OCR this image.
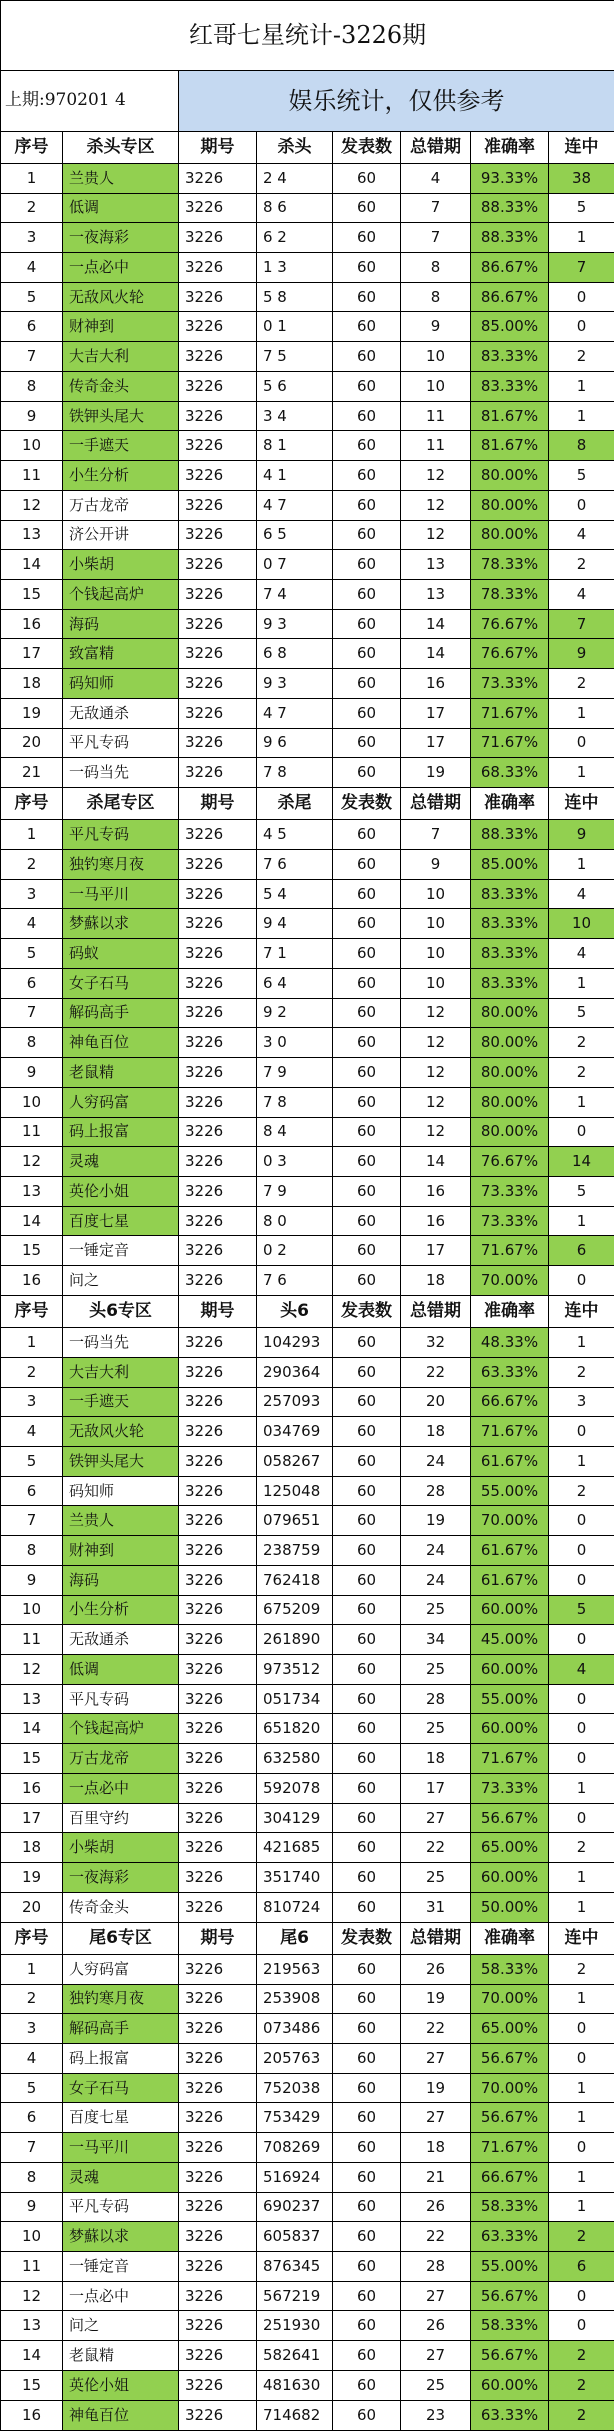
红哥七星统计-3226期							
上期:970201 4		娱乐统计，仅供参考					
序号	杀头专区	期号	杀头	发表数	总错期	准确率	连中
1	兰贵人	3226	2 4	60	4	93.33%	38
2	低调	3226	8 6	60	7	88.33%	5
3	一夜海彩	3226	6 2	60	7	88.33%	1
4	一点必中	3226	1 3	60	8	86.67%	7
5	无敌风火轮	3226	5 8	60	8	86.67%	0
6	财神到	3226	0 1	60	9	85.00%	0
7	大吉大利	3226	7 5	60	10	83.33%	2
8	传奇金头	3226	5 6	60	10	83.33%	1
9	铁钾头尾大	3226	3 4	60	11	81.67%	1
10	一手遮天	3226	8 1	60	11	81.67%	8
11	小生分析	3226	4 1	60	12	80.00%	5
12	万古龙帝	3226	4 7	60	12	80.00%	0
13	济公开讲	3226	6 5	60	12	80.00%	4
14	小柴胡	3226	0 7	60	13	78.33%	2
15	个钱起高炉	3226	7 4	60	13	78.33%	4
16	海码	3226	9 3	60	14	76.67%	7
17	致富精	3226	6 8	60	14	76.67%	9
18	码知师	3226	9 3	60	16	73.33%	2
19	无敌通杀	3226	4 7	60	17	71.67%	1
20	平凡专码	3226	9 6	60	17	71.67%	0
21	一码当先	3226	7 8	60	19	68.33%	1
序号	杀尾专区	期号	杀尾	发表数	总错期	准确率	连中
1	平凡专码	3226	4 5	60	7	88.33%	9
2	独钓寒月夜	3226	7 6	60	9	85.00%	1
3	一马平川	3226	5 4	60	10	83.33%	4
4	梦蘇以求	3226	9 4	60	10	83.33%	10
5	码蚁	3226	7 1	60	10	83.33%	4
6	女子石马	3226	6 4	60	10	83.33%	1
7	解码高手	3226	9 2	60	12	80.00%	5
8	神龟百位	3226	3 0	60	12	80.00%	2
9	老鼠精	3226	7 9	60	12	80.00%	2
10	人穷码富	3226	7 8	60	12	80.00%	1
11	码上报富	3226	8 4	60	12	80.00%	0
12	灵魂	3226	0 3	60	14	76.67%	14
13	英伦小姐	3226	7 9	60	16	73.33%	5
14	百度七星	3226	8 0	60	16	73.33%	1
15	一锤定音	3226	0 2	60	17	71.67%	6
16	问之	3226	7 6	60	18	70.00%	0
序号	头6专区	期号	头6	发表数	总错期	准确率	连中
1	一码当先	3226	104293	60	32	48.33%	1
2	大吉大利	3226	290364	60	22	63.33%	2
3	一手遮天	3226	257093	60	20	66.67%	3
4	无敌风火轮	3226	034769	60	18	71.67%	0
5	铁钾头尾大	3226	058267	60	24	61.67%	1
6	码知师	3226	125048	60	28	55.00%	2
7	兰贵人	3226	079651	60	19	70.00%	0
8	财神到	3226	238759	60	24	61.67%	0
9	海码	3226	762418	60	24	61.67%	0
10	小生分析	3226	675209	60	25	60.00%	5
11	无敌通杀	3226	261890	60	34	45.00%	0
12	低调	3226	973512	60	25	60.00%	4
13	平凡专码	3226	051734	60	28	55.00%	0
14	个钱起高炉	3226	651820	60	25	60.00%	0
15	万古龙帝	3226	632580	60	18	71.67%	0
16	一点必中	3226	592078	60	17	73.33%	1
17	百里守约	3226	304129	60	27	56.67%	0
18	小柴胡	3226	421685	60	22	65.00%	2
19	一夜海彩	3226	351740	60	25	60.00%	1
20	传奇金头	3226	810724	60	31	50.00%	1
序号	尾6专区	期号	尾6	发表数	总错期	准确率	连中
1	人穷码富	3226	219563	60	26	58.33%	2
2	独钓寒月夜	3226	253908	60	19	70.00%	1
3	解码高手	3226	073486	60	22	65.00%	0
4	码上报富	3226	205763	60	27	56.67%	0
5	女子石马	3226	752038	60	19	70.00%	1
6	百度七星	3226	753429	60	27	56.67%	1
7	一马平川	3226	708269	60	18	71.67%	0
8	灵魂	3226	516924	60	21	66.67%	1
9	平凡专码	3226	690237	60	26	58.33%	1
10	梦蘇以求	3226	605837	60	22	63.33%	2
11	一锤定音	3226	876345	60	28	55.00%	6
12	一点必中	3226	567219	60	27	56.67%	0
13	问之	3226	251930	60	26	58.33%	0
14	老鼠精	3226	582641	60	27	56.67%	2
15	英伦小姐	3226	481630	60	25	60.00%	2
16	神龟百位	3226	714682	60	23	63.33%	2
